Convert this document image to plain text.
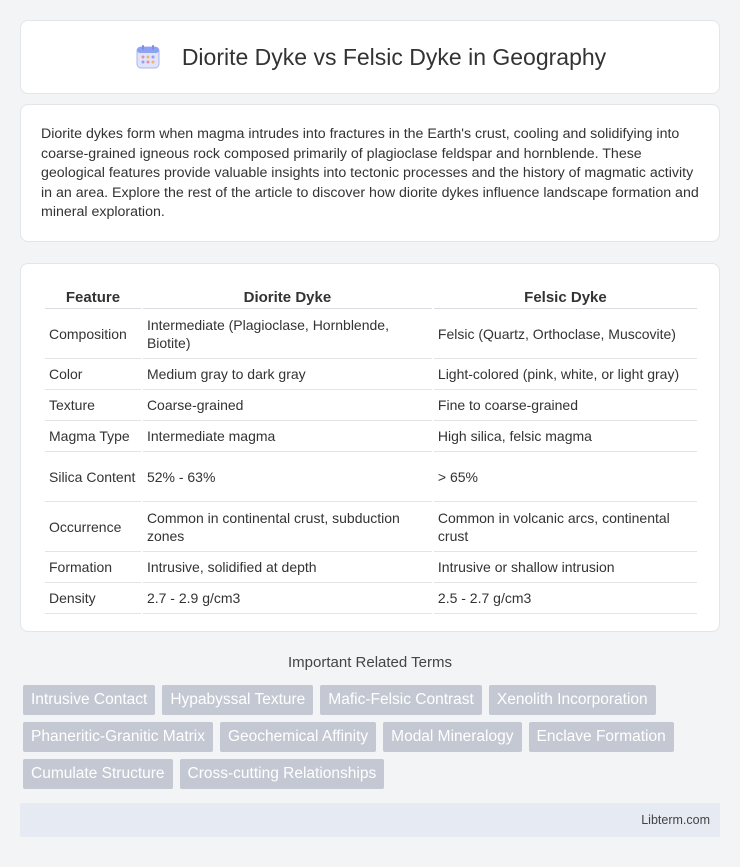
Diorite Dyke vs Felsic Dyke in Geography

Diorite dykes form when magma intrudes into fractures in the Earth's crust, cooling and solidifying into coarse-grained igneous rock composed primarily of plagioclase feldspar and hornblende. These geological features provide valuable insights into tectonic processes and the history of magmatic activity in an area. Explore the rest of the article to discover how diorite dykes influence landscape formation and mineral exploration.

Feature	Diorite Dyke	Felsic Dyke
Composition	Intermediate (Plagioclase, Hornblende, Biotite)	Felsic (Quartz, Orthoclase, Muscovite)
Color	Medium gray to dark gray	Light-colored (pink, white, or light gray)
Texture	Coarse-grained	Fine to coarse-grained
Magma Type	Intermediate magma	High silica, felsic magma
Silica Content	52% - 63%	> 65%
Occurrence	Common in continental crust, subduction zones	Common in volcanic arcs, continental crust
Formation	Intrusive, solidified at depth	Intrusive or shallow intrusion
Density	2.7 - 2.9 g/cm3	2.5 - 2.7 g/cm3
Important Related Terms
Intrusive Contact	Hypabyssal Texture	Mafic-Felsic Contrast	Xenolith Incorporation
Phaneritic-Granitic Matrix	Geochemical Affinity	Modal Mineralogy	Enclave Formation
Cumulate Structure	Cross-cutting Relationships
Libterm.com
